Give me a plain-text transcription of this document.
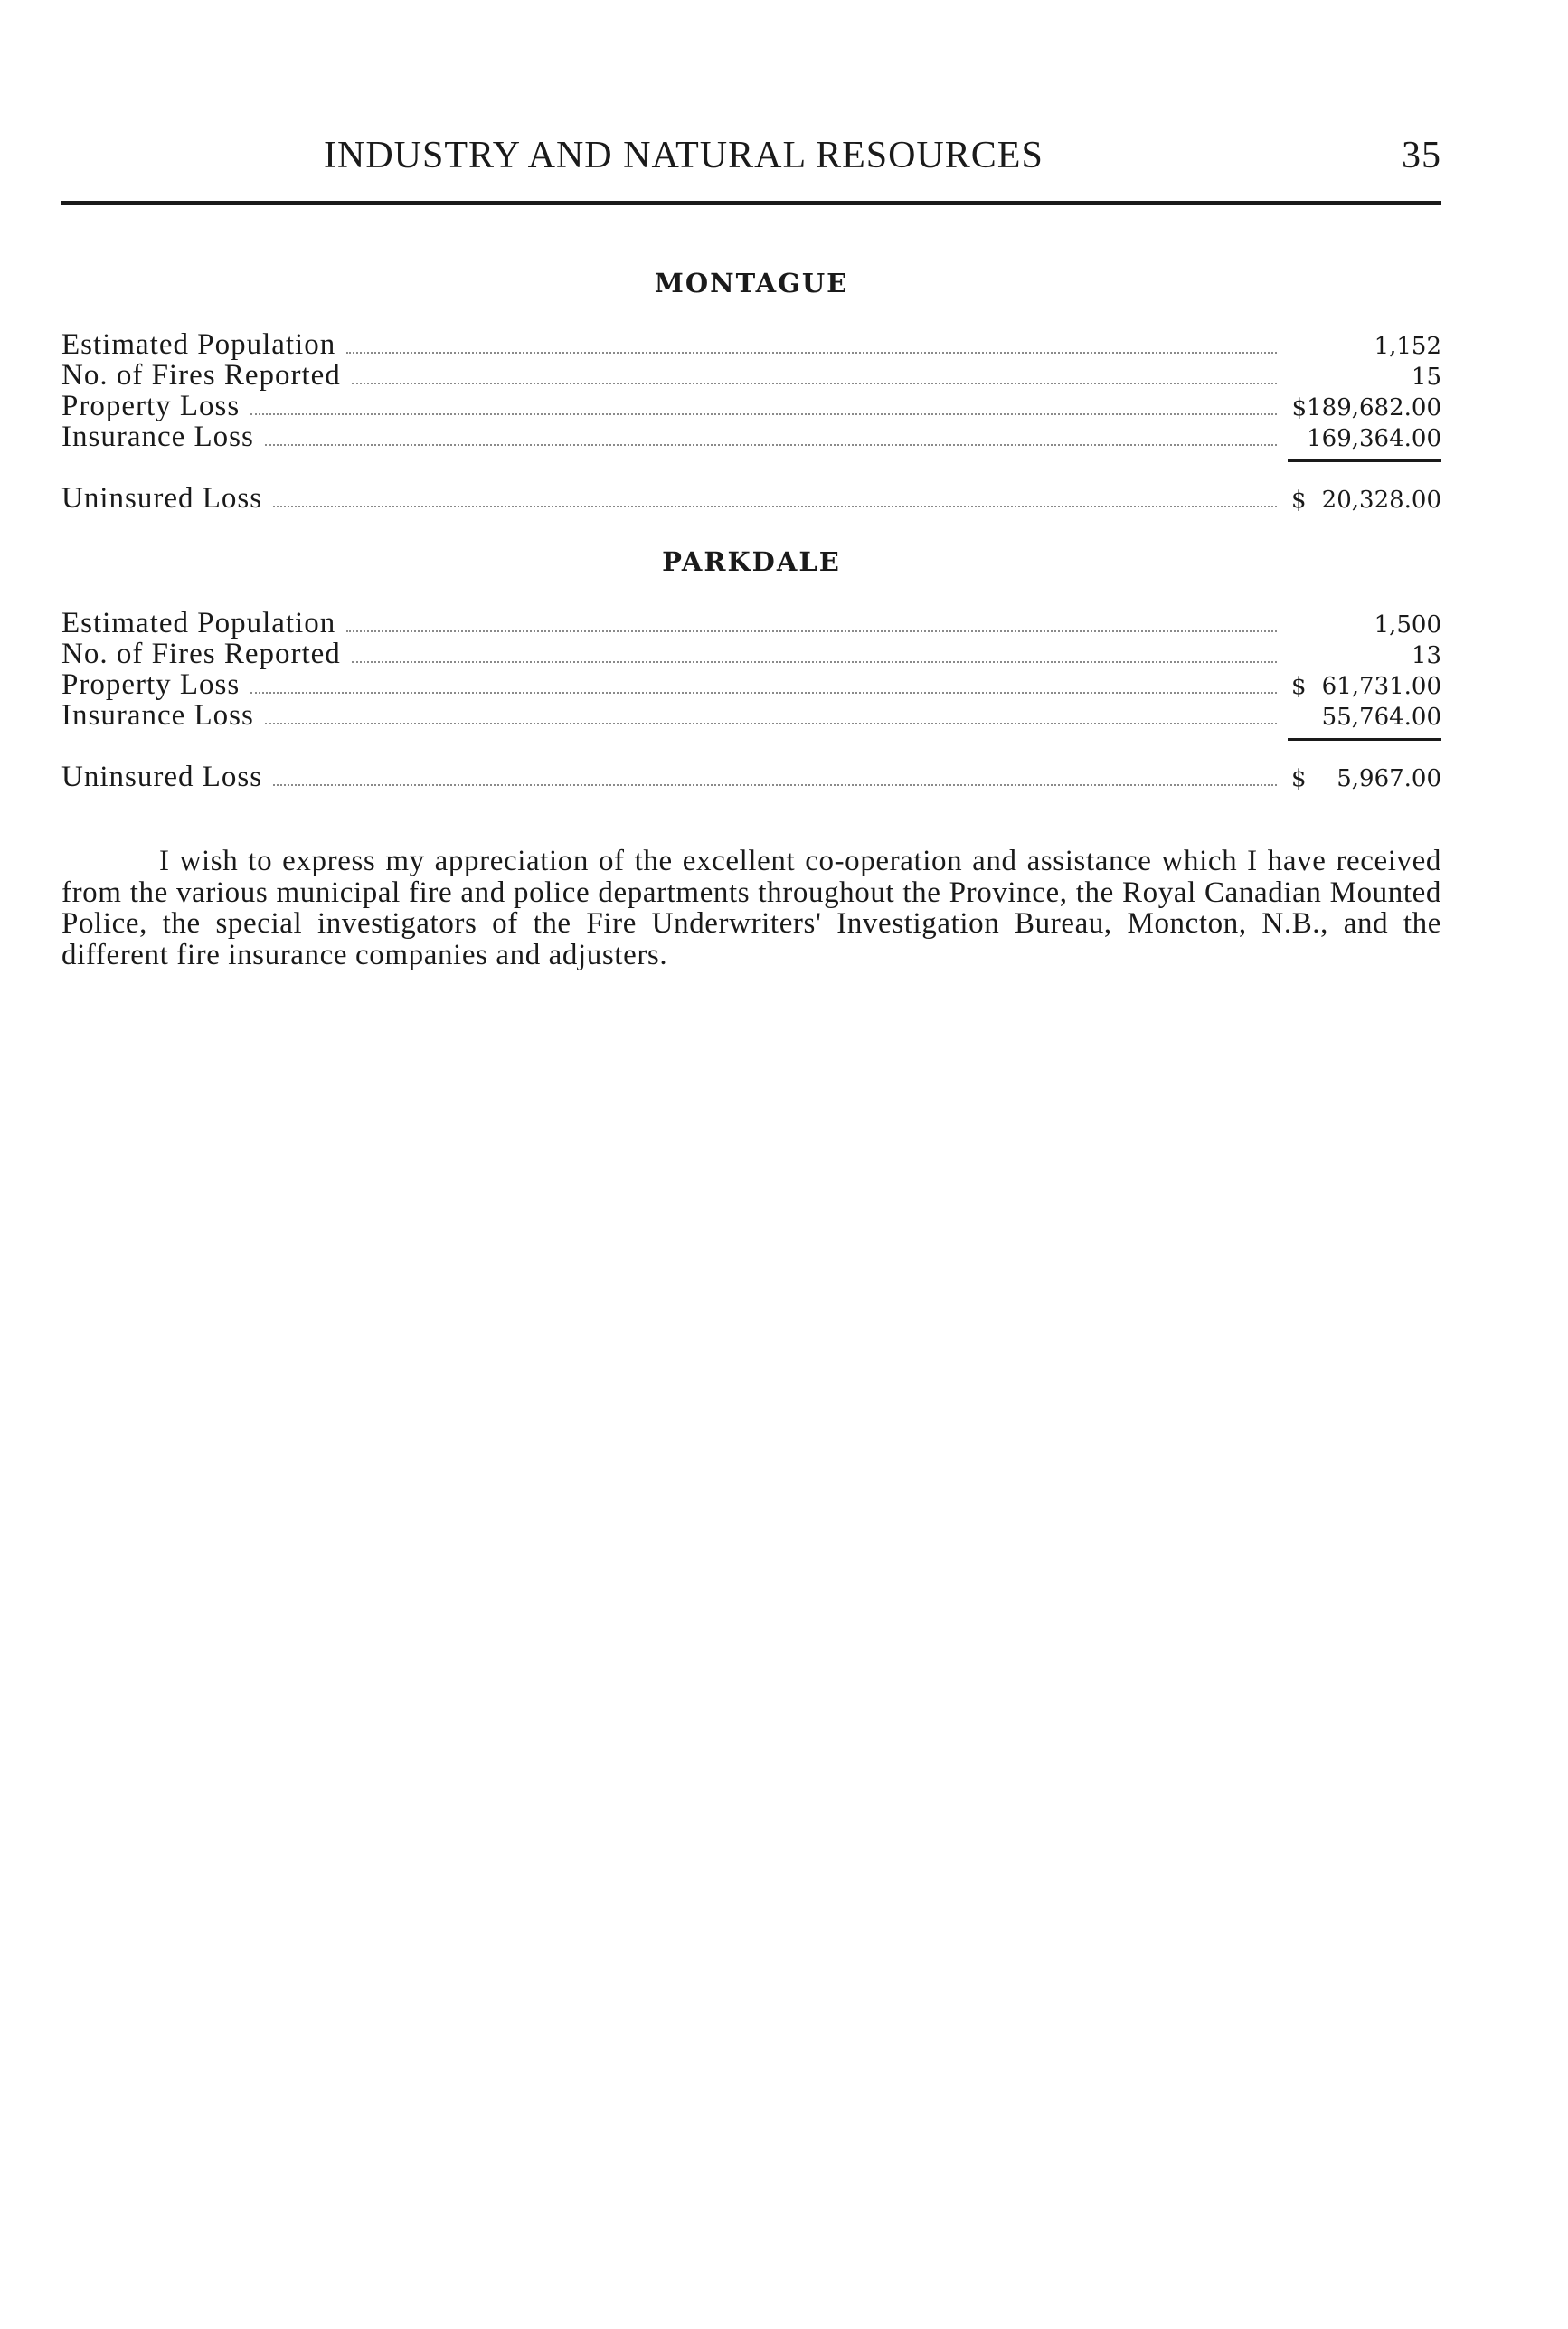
INDUSTRY AND NATURAL RESOURCES	35
MONTAGUE
Estimated Population	1,152
No. of Fires Reported	15
Property Loss	$189,682.00
Insurance Loss	169,364.00
Uninsured Loss	$ 20,328.00
PARKDALE
Estimated Population	1,500
No. of Fires Reported	13
Property Loss	$ 61,731.00
Insurance Loss	55,764.00
Uninsured Loss	$ 5,967.00

I wish to express my appreciation of the excellent co-operation and assistance which I have received from the various municipal fire and police departments throughout the Province, the Royal Canadian Mounted Police, the special investigators of the Fire Underwriters' Investigation Bureau, Moncton, N.B., and the different fire insurance companies and adjusters.
